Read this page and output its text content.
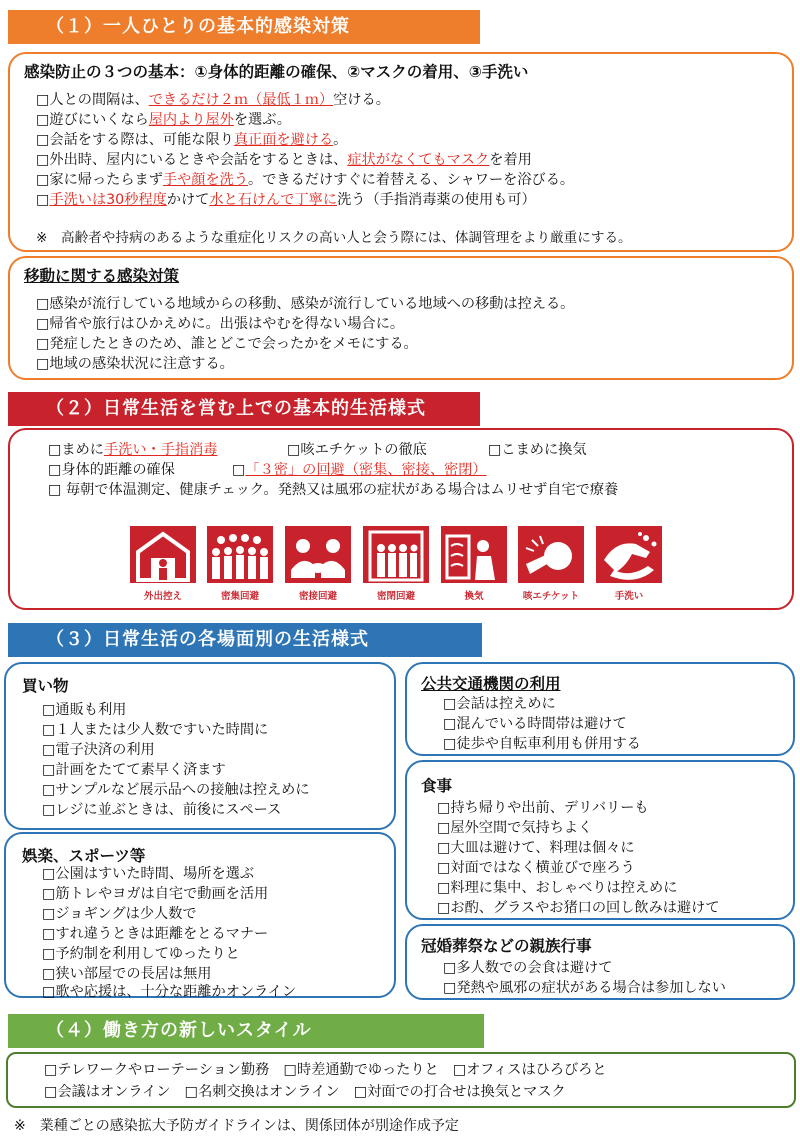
（１）一人ひとりの基本的感染対策
感染防止の３つの基本：①身体的距離の確保、②マスクの着用、③手洗い
□人との間隔は、できるだけ２ｍ（最低１ｍ）空ける。
□遊びにいくなら屋内より屋外を選ぶ。
□会話をする際は、可能な限り真正面を避ける。
□外出時、屋内にいるときや会話をするときは、症状がなくてもマスクを着用
□家に帰ったらまず手や顔を洗う。できるだけすぐに着替える、シャワーを浴びる。
□手洗いは30秒程度かけて水と石けんで丁寧に洗う（手指消毒薬の使用も可）
※　高齢者や持病のあるような重症化リスクの高い人と会う際には、体調管理をより厳重にする。
移動に関する感染対策
□感染が流行している地域からの移動、感染が流行している地域への移動は控える。
□帰省や旅行はひかえめに。出張はやむを得ない場合に。
□発症したときのため、誰とどこで会ったかをメモにする。
□地域の感染状況に注意する。
（２）日常生活を営む上での基本的生活様式
□まめに手洗い・手指消毒	□咳エチケットの徹底	□こまめに換気
□身体的距離の確保	□「３密」の回避（密集、密接、密閉）
□ 毎朝で体温測定、健康チェック。発熱又は風邪の症状がある場合はムリせず自宅で療養
外出控え	密集回避	密接回避	密閉回避	換気	咳エチケット	手洗い
（３）日常生活の各場面別の生活様式
買い物
□通販も利用
□１人または少人数ですいた時間に
□電子決済の利用
□計画をたてて素早く済ます
□サンプルなど展示品への接触は控えめに
□レジに並ぶときは、前後にスペース
娯楽、スポーツ等
□公園はすいた時間、場所を選ぶ
□筋トレやヨガは自宅で動画を活用
□ジョギングは少人数で
□すれ違うときは距離をとるマナー
□予約制を利用してゆったりと
□狭い部屋での長居は無用
□歌や応援は、十分な距離かオンライン
公共交通機関の利用
□会話は控えめに
□混んでいる時間帯は避けて
□徒歩や自転車利用も併用する
食事
□持ち帰りや出前、デリバリーも
□屋外空間で気持ちよく
□大皿は避けて、料理は個々に
□対面ではなく横並びで座ろう
□料理に集中、おしゃべりは控えめに
□お酌、グラスやお猪口の回し飲みは避けて
冠婚葬祭などの親族行事
□多人数での会食は避けて
□発熱や風邪の症状がある場合は参加しない
（４）働き方の新しいスタイル
□テレワークやローテーション勤務　□時差通勤でゆったりと　□オフィスはひろびろと
□会議はオンライン　□名刺交換はオンライン　□対面での打合せは換気とマスク
※　業種ごとの感染拡大予防ガイドラインは、関係団体が別途作成予定
